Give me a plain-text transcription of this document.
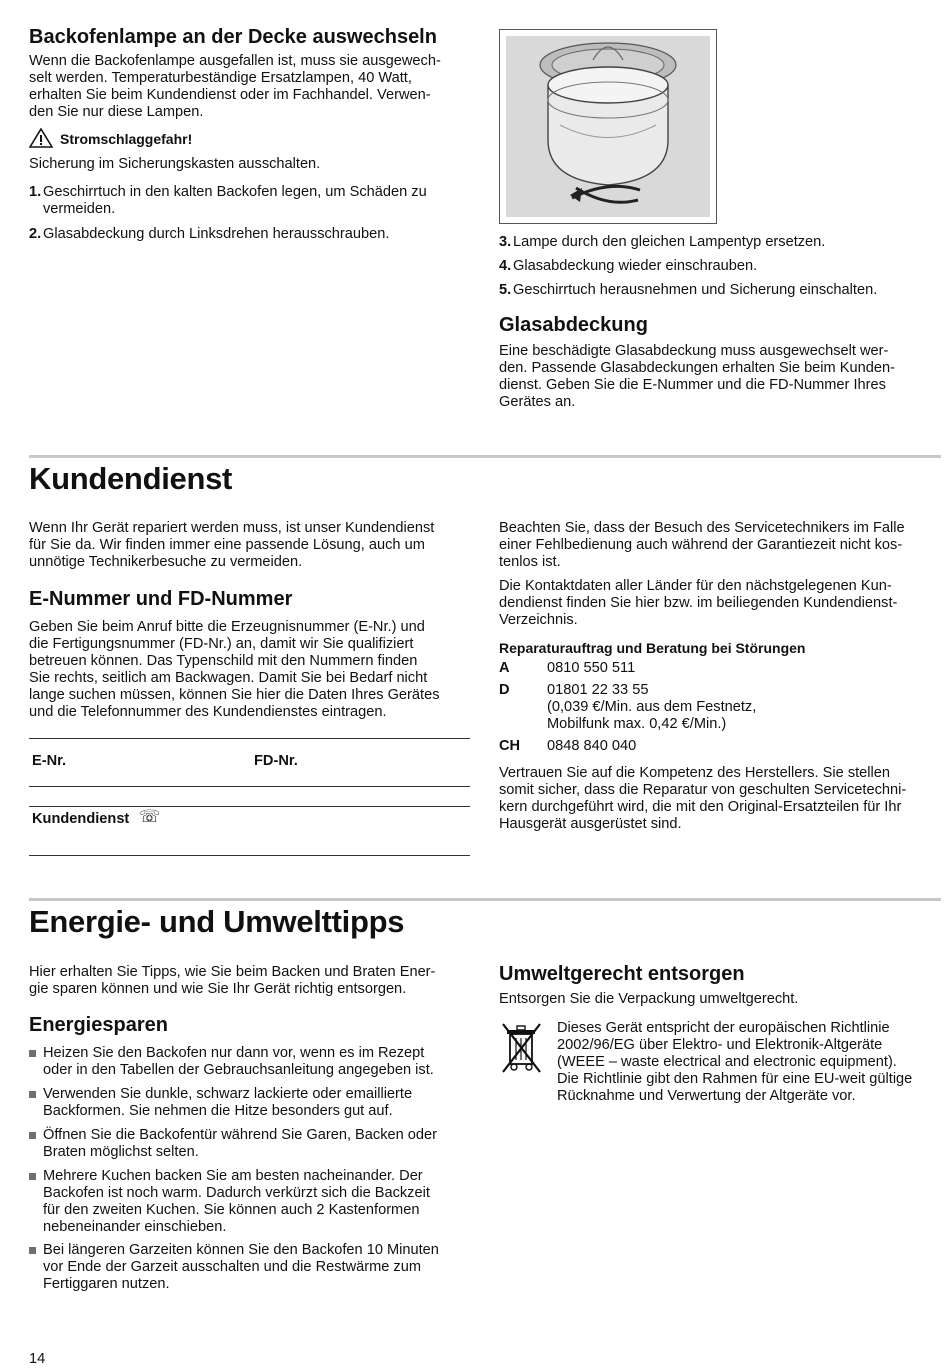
Backofenlampe an der Decke auswechseln

Wenn die Backofenlampe ausgefallen ist, muss sie ausgewech-
selt werden. Temperaturbeständige Ersatzlampen, 40 Watt,
erhalten Sie beim Kundendienst oder im Fachhandel. Verwen-
den Sie nur diese Lampen.

Stromschlaggefahr!

Sicherung im Sicherungskasten ausschalten.

1. Geschirrtuch in den kalten Backofen legen, um Schäden zu
vermeiden.
2. Glasabdeckung durch Linksdrehen herausschrauben.	3. Lampe durch den gleichen Lampentyp ersetzen.
4. Glasabdeckung wieder einschrauben.
5. Geschirrtuch herausnehmen und Sicherung einschalten.
Glasabdeckung

Eine beschädigte Glasabdeckung muss ausgewechselt wer-
den. Passende Glasabdeckungen erhalten Sie beim Kunden-
dienst. Geben Sie die E-Nummer und die FD-Nummer Ihres
Gerätes an.

Kundendienst

Wenn Ihr Gerät repariert werden muss, ist unser Kundendienst
für Sie da. Wir finden immer eine passende Lösung, auch um
unnötige Technikerbesuche zu vermeiden.

E-Nummer und FD-Nummer

Geben Sie beim Anruf bitte die Erzeugnisnummer (E-Nr.) und
die Fertigungsnummer (FD-Nr.) an, damit wir Sie qualifiziert
betreuen können. Das Typenschild mit den Nummern finden
Sie rechts, seitlich am Backwagen. Damit Sie bei Bedarf nicht
lange suchen müssen, können Sie hier die Daten Ihres Gerätes
und die Telefonnummer des Kundendienstes eintragen.

E-Nr.	FD-Nr.
Kundendienst ☏

Beachten Sie, dass der Besuch des Servicetechnikers im Falle
einer Fehlbedienung auch während der Garantiezeit nicht kos-
tenlos ist.

Die Kontaktdaten aller Länder für den nächstgelegenen Kun-
dendienst finden Sie hier bzw. im beiliegenden Kundendienst-
Verzeichnis.

Reparaturauftrag und Beratung bei Störungen

A	0810 550 511
D	01801 22 33 55
(0,039 €/Min. aus dem Festnetz,
Mobilfunk max. 0,42 €/Min.)
CH 0848 840 040

Vertrauen Sie auf die Kompetenz des Herstellers. Sie stellen
somit sicher, dass die Reparatur von geschulten Servicetechni-
kern durchgeführt wird, die mit den Original-Ersatzteilen für Ihr
Hausgerät ausgerüstet sind.

Energie- und Umwelttipps

Hier erhalten Sie Tipps, wie Sie beim Backen und Braten Ener-
gie sparen können und wie Sie Ihr Gerät richtig entsorgen.

Energiesparen
Heizen Sie den Backofen nur dann vor, wenn es im Rezept
oder in den Tabellen der Gebrauchsanleitung angegeben ist.
Verwenden Sie dunkle, schwarz lackierte oder emaillierte
Backformen. Sie nehmen die Hitze besonders gut auf.
Öffnen Sie die Backofentür während Sie Garen, Backen oder
Braten möglichst selten.
Mehrere Kuchen backen Sie am besten nacheinander. Der
Backofen ist noch warm. Dadurch verkürzt sich die Backzeit
für den zweiten Kuchen. Sie können auch 2 Kastenformen
nebeneinander einschieben.
Bei längeren Garzeiten können Sie den Backofen 10 Minuten
vor Ende der Garzeit ausschalten und die Restwärme zum
Fertiggaren nutzen.
Umweltgerecht entsorgen

Entsorgen Sie die Verpackung umweltgerecht.

Dieses Gerät entspricht der europäischen Richtlinie
2002/96/EG über Elektro- und Elektronik-Altgeräte
(WEEE – waste electrical and electronic equipment).
Die Richtlinie gibt den Rahmen für eine EU-weit gültige
Rücknahme und Verwertung der Altgeräte vor.

14
